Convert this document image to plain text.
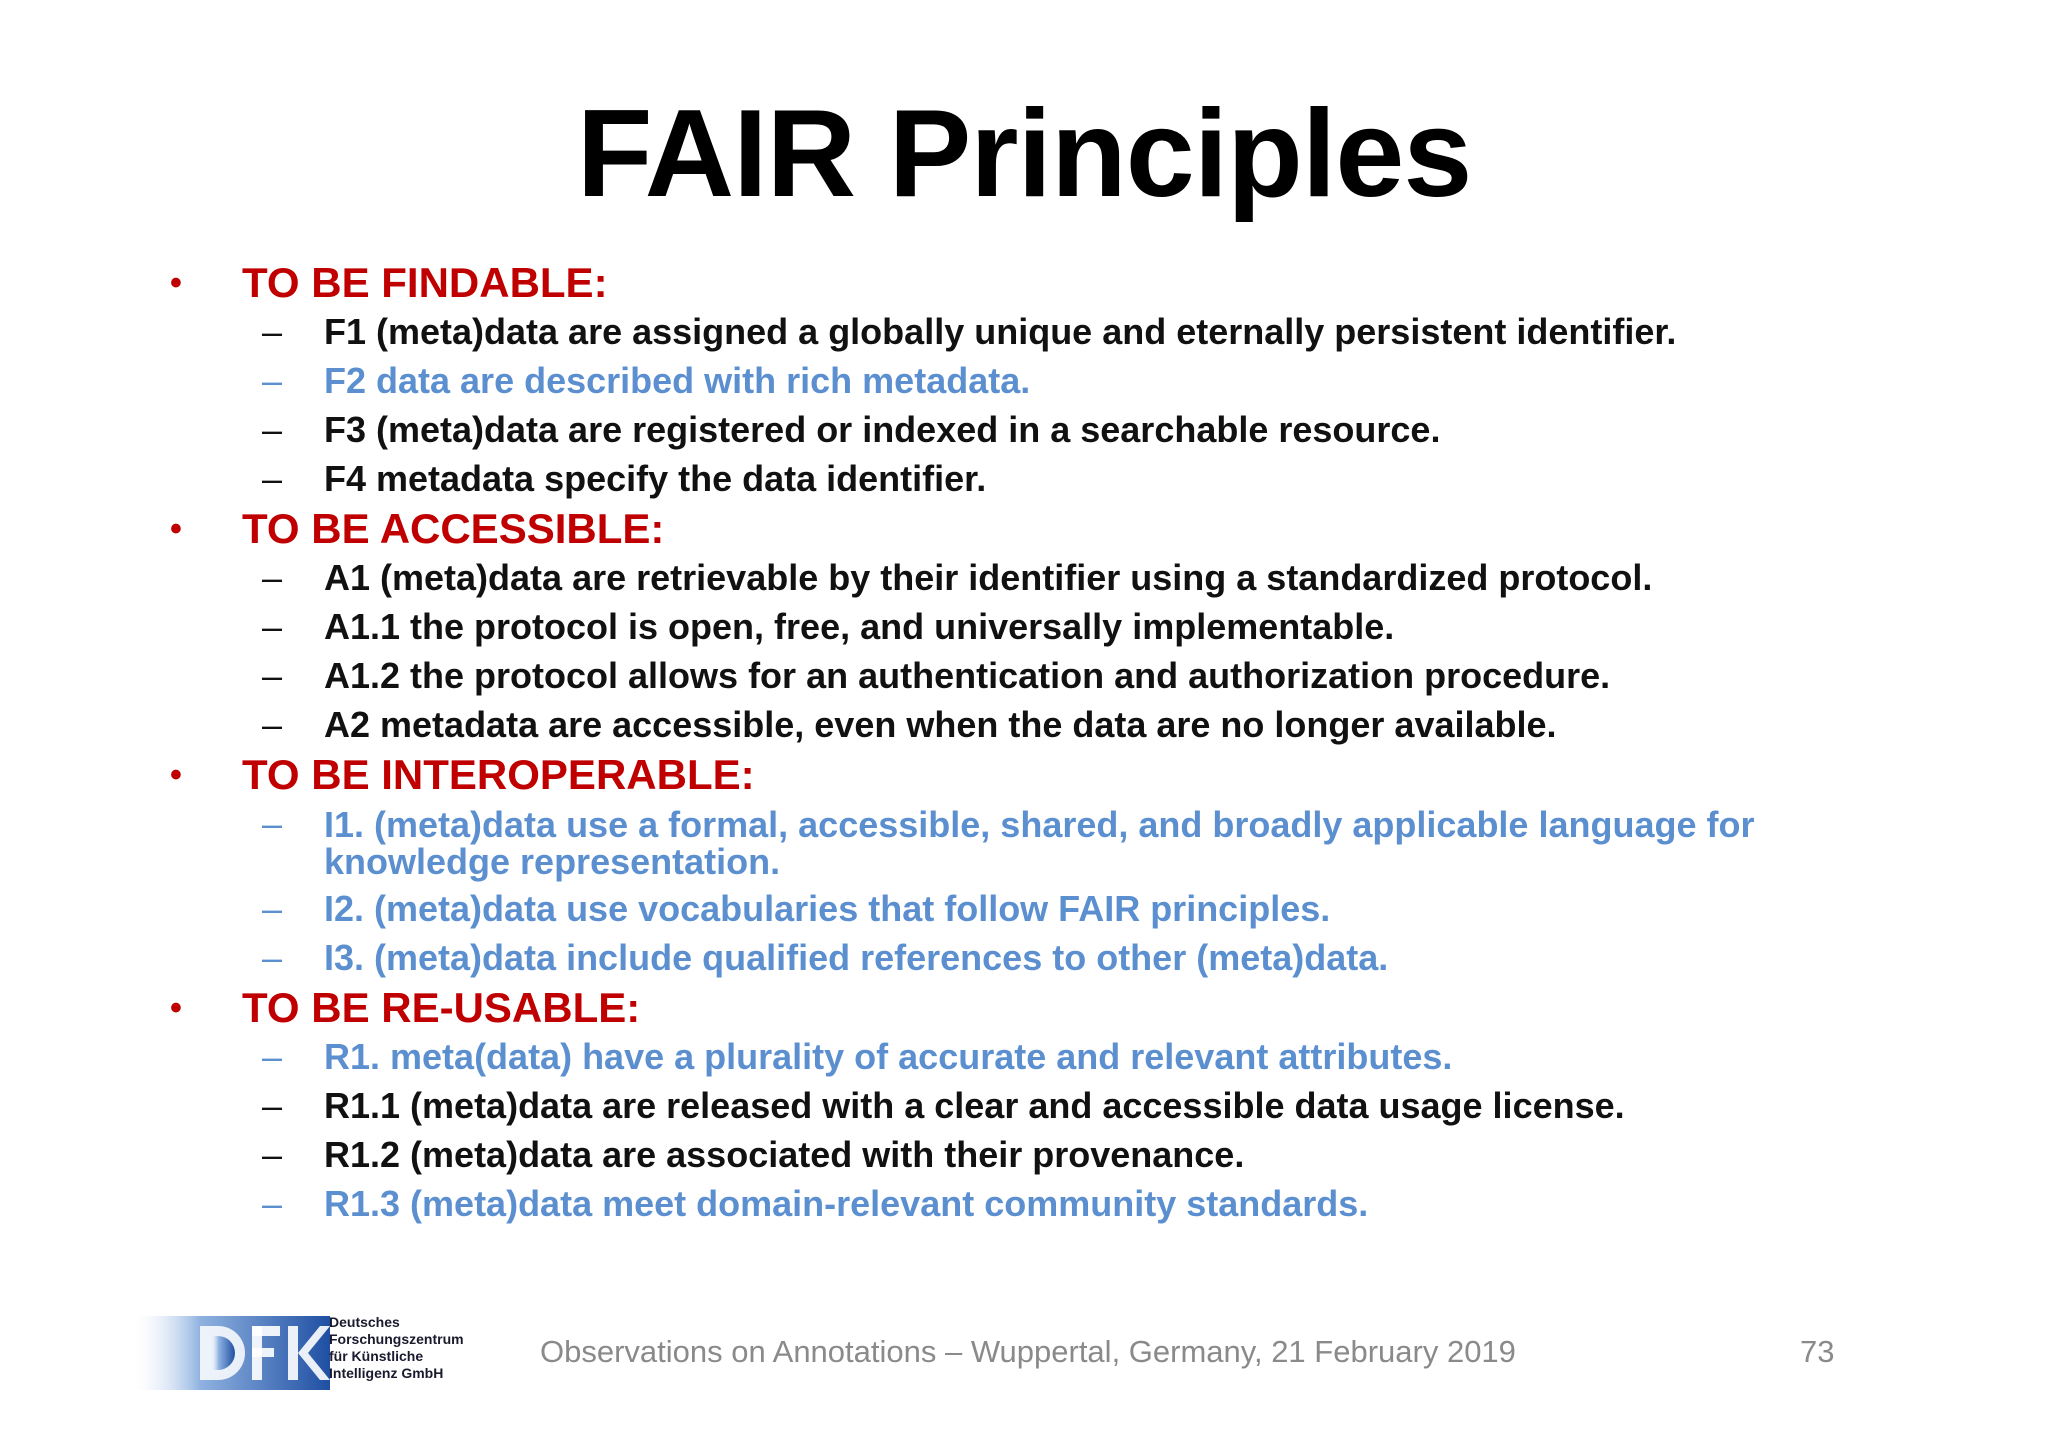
FAIR Principles
• TO BE FINDABLE:
– F1 (meta)data are assigned a globally unique and eternally persistent identifier.
– F2 data are described with rich metadata.
– F3 (meta)data are registered or indexed in a searchable resource.
– F4 metadata specify the data identifier.
• TO BE ACCESSIBLE:
– A1 (meta)data are retrievable by their identifier using a standardized protocol.
– A1.1 the protocol is open, free, and universally implementable.
– A1.2 the protocol allows for an authentication and authorization procedure.
– A2 metadata are accessible, even when the data are no longer available.
• TO BE INTEROPERABLE:
– I1. (meta)data use a formal, accessible, shared, and broadly applicable language for knowledge representation.
– I2. (meta)data use vocabularies that follow FAIR principles.
– I3. (meta)data include qualified references to other (meta)data.
• TO BE RE-USABLE:
– R1. meta(data) have a plurality of accurate and relevant attributes.
– R1.1 (meta)data are released with a clear and accessible data usage license.
– R1.2 (meta)data are associated with their provenance.
– R1.3 (meta)data meet domain-relevant community standards.
Deutsches
Forschungszentrum
für Künstliche
Intelligenz GmbH
Observations on Annotations – Wuppertal, Germany, 21 February 2019	73
